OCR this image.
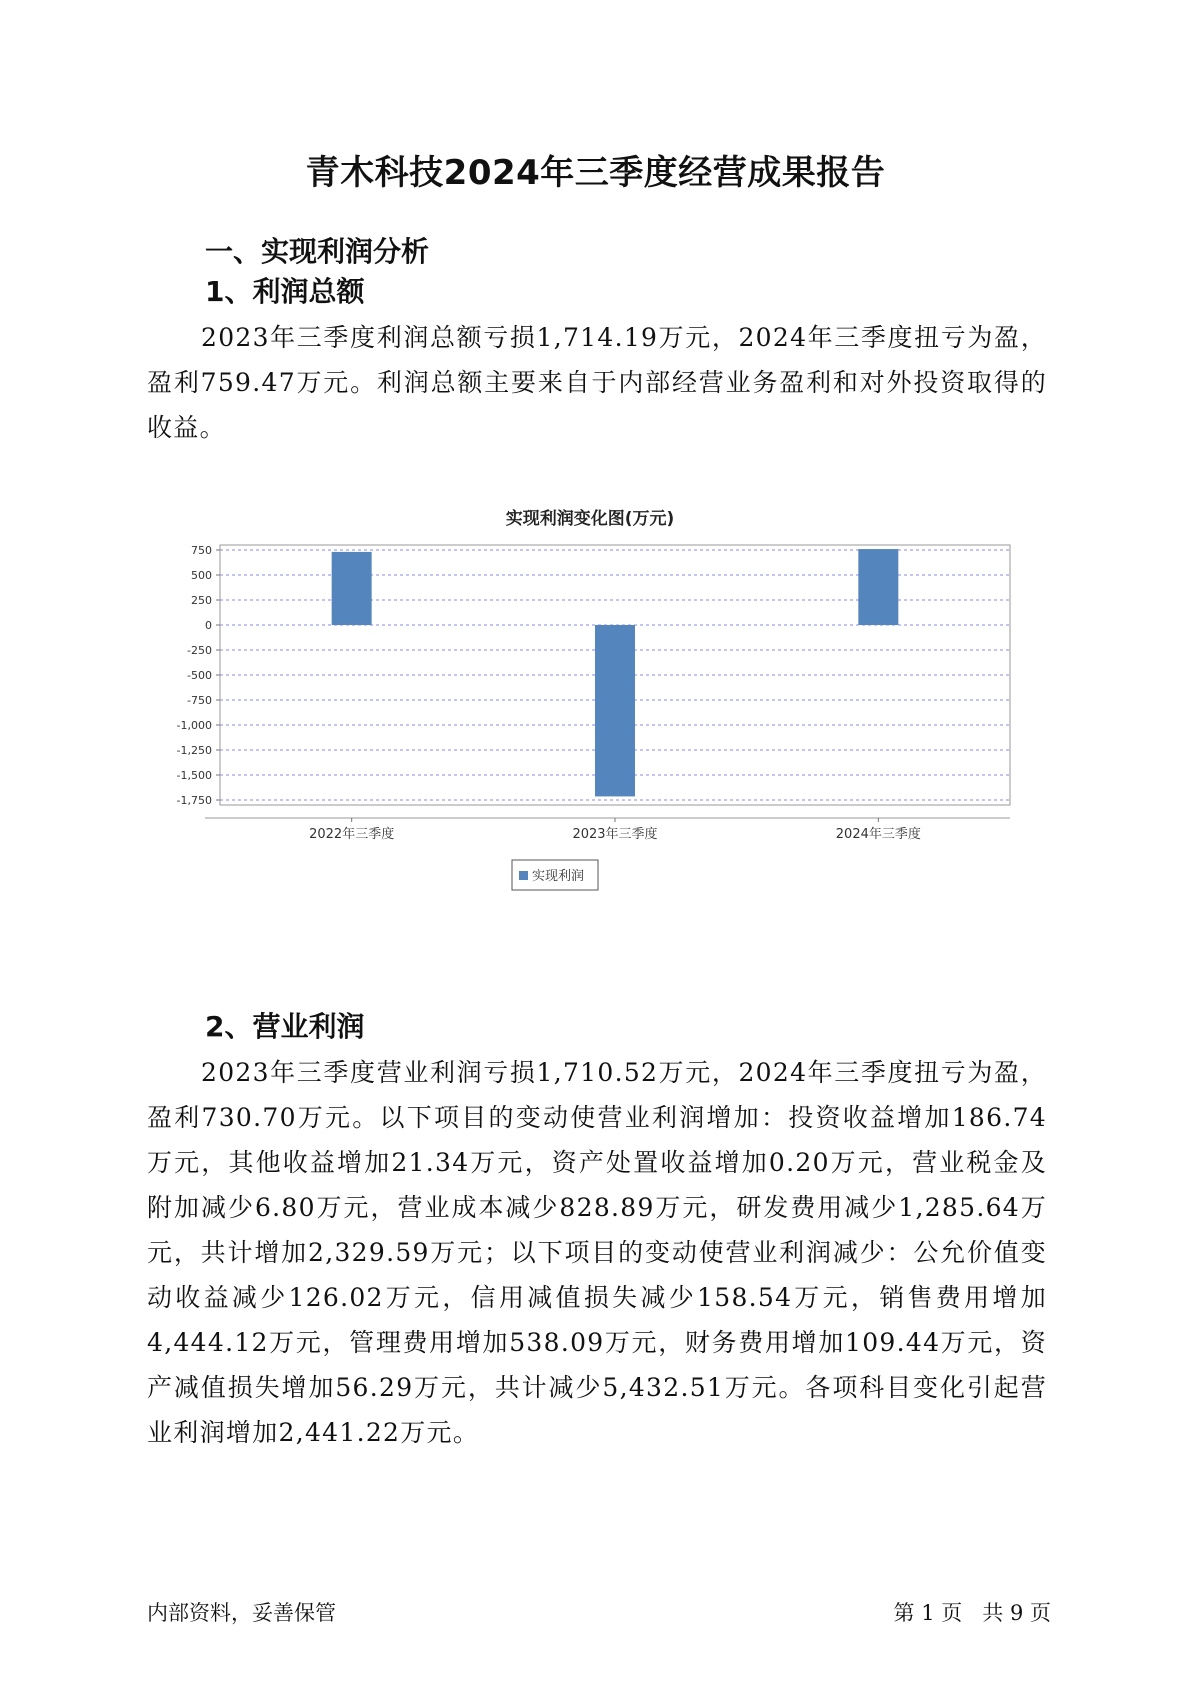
青木科技2024年三季度经营成果报告
一、实现利润分析
1、利润总额

2023年三季度利润总额亏损1,714.19万元，2024年三季度扭亏为盈，盈利759.47万元。利润总额主要来自于内部经营业务盈利和对外投资取得的收益。

实现利润变化图(万元)
750
500
250
0
-250
-500
-750
-1,000
-1,250
-1,500
-1,750
2022年三季度	2023年三季度	2024年三季度
实现利润
2、营业利润

2023年三季度营业利润亏损1,710.52万元，2024年三季度扭亏为盈，盈利730.70万元。以下项目的变动使营业利润增加：投资收益增加186.74万元，其他收益增加21.34万元，资产处置收益增加0.20万元，营业税金及附加减少6.80万元，营业成本减少828.89万元，研发费用减少1,285.64万元，共计增加2,329.59万元；以下项目的变动使营业利润减少：公允价值变动收益减少126.02万元，信用减值损失减少158.54万元，销售费用增加4,444.12万元，管理费用增加538.09万元，财务费用增加109.44万元，资产减值损失增加56.29万元，共计减少5,432.51万元。各项科目变化引起营业利润增加2,441.22万元。

内部资料，妥善保管	第 1 页   共 9 页
